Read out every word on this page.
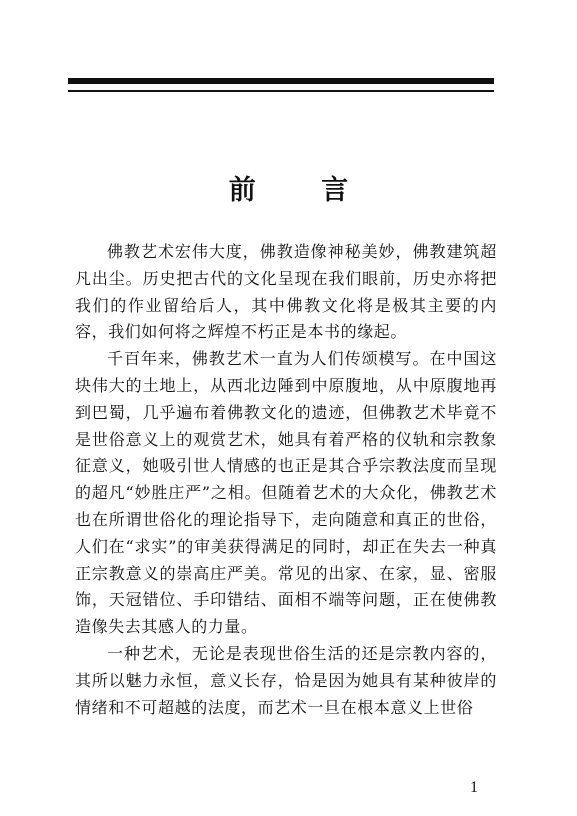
前 言

佛教艺术宏伟大度，佛教造像神秘美妙，佛教建筑超凡出尘。历史把古代的文化呈现在我们眼前，历史亦将把我们的作业留给后人，其中佛教文化将是极其主要的内容，我们如何将之辉煌不朽正是本书的缘起。

千百年来，佛教艺术一直为人们传颂模写。在中国这块伟大的土地上，从西北边陲到中原腹地，从中原腹地再到巴蜀，几乎遍布着佛教文化的遗迹，但佛教艺术毕竟不是世俗意义上的观赏艺术，她具有着严格的仪轨和宗教象征意义，她吸引世人情感的也正是其合乎宗教法度而呈现的超凡“妙胜庄严”之相。但随着艺术的大众化，佛教艺术也在所谓世俗化的理论指导下，走向随意和真正的世俗，人们在“求实”的审美获得满足的同时，却正在失去一种真正宗教意义的崇高庄严美。常见的出家、在家，显、密服饰，天冠错位、手印错结、面相不端等问题，正在使佛教造像失去其感人的力量。

一种艺术，无论是表现世俗生活的还是宗教内容的，其所以魅力永恒，意义长存，恰是因为她具有某种彼岸的情绪和不可超越的法度，而艺术一旦在根本意义上世俗

1
